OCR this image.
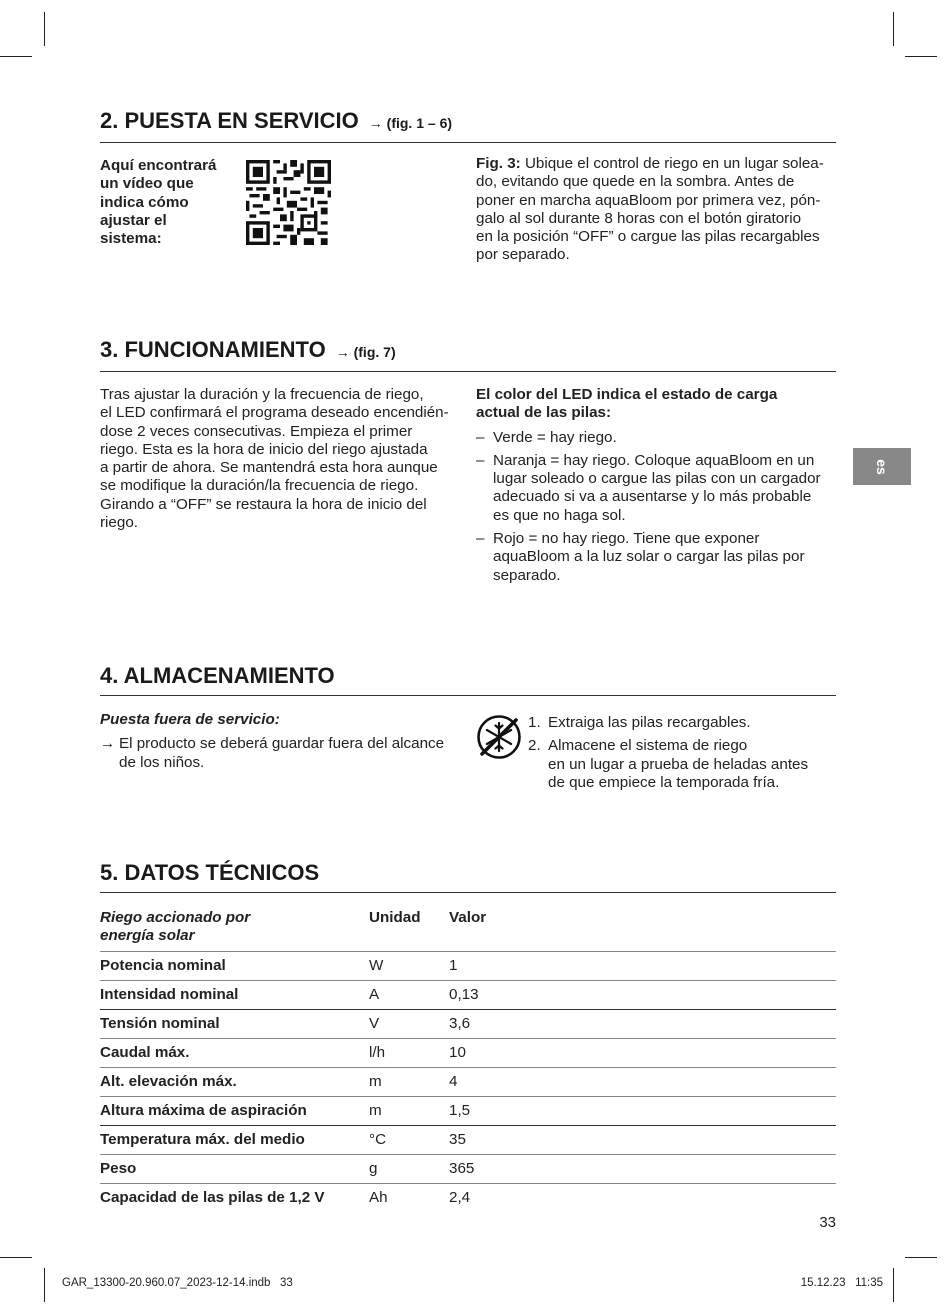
2. PUESTA EN SERVICIO → (fig. 1 – 6)
Aquí encontrará
un vídeo que
indica cómo
ajustar el
sistema:
Fig. 3: Ubique el control de riego en un lugar solea-
do, evitando que quede en la sombra. Antes de
poner en marcha aquaBloom por primera vez, pón-
galo al sol durante 8 horas con el botón giratorio
en la posición “OFF” o cargue las pilas recargables
por separado.
3. FUNCIONAMIENTO → (fig. 7)
Tras ajustar la duración y la frecuencia de riego,
el LED confirmará el programa deseado encendién-
dose 2 veces consecutivas. Empieza el primer
riego. Esta es la hora de inicio del riego ajustada
a partir de ahora. Se mantendrá esta hora aunque
se modifique la duración/la frecuencia de riego.
Girando a “OFF” se restaura la hora de inicio del
riego.
El color del LED indica el estado de carga
actual de las pilas:
– Verde = hay riego.
– Naranja = hay riego. Coloque aquaBloom en un
lugar soleado o cargue las pilas con un cargador
adecuado si va a ausentarse y lo más probable
es que no haga sol.
– Rojo = no hay riego. Tiene que exponer
aquaBloom a la luz solar o cargar las pilas por
separado.
4. ALMACENAMIENTO
Puesta fuera de servicio:
→ El producto se deberá guardar fuera del alcance
de los niños.
1. Extraiga las pilas recargables.
2. Almacene el sistema de riego
en un lugar a prueba de heladas antes
de que empiece la temporada fría.
5. DATOS TÉCNICOS
Riego accionado por
energía solar	Unidad	Valor
Potencia nominal	W	1
Intensidad nominal	A	0,13
Tensión nominal	V	3,6
Caudal máx.	l/h	10
Alt. elevación máx.	m	4
Altura máxima de aspiración	m	1,5
Temperatura máx. del medio	°C	35
Peso	g	365
Capacidad de las pilas de 1,2 V	Ah	2,4
es
33
GAR_13300-20.960.07_2023-12-14.indb   33	15.12.23   11:35
